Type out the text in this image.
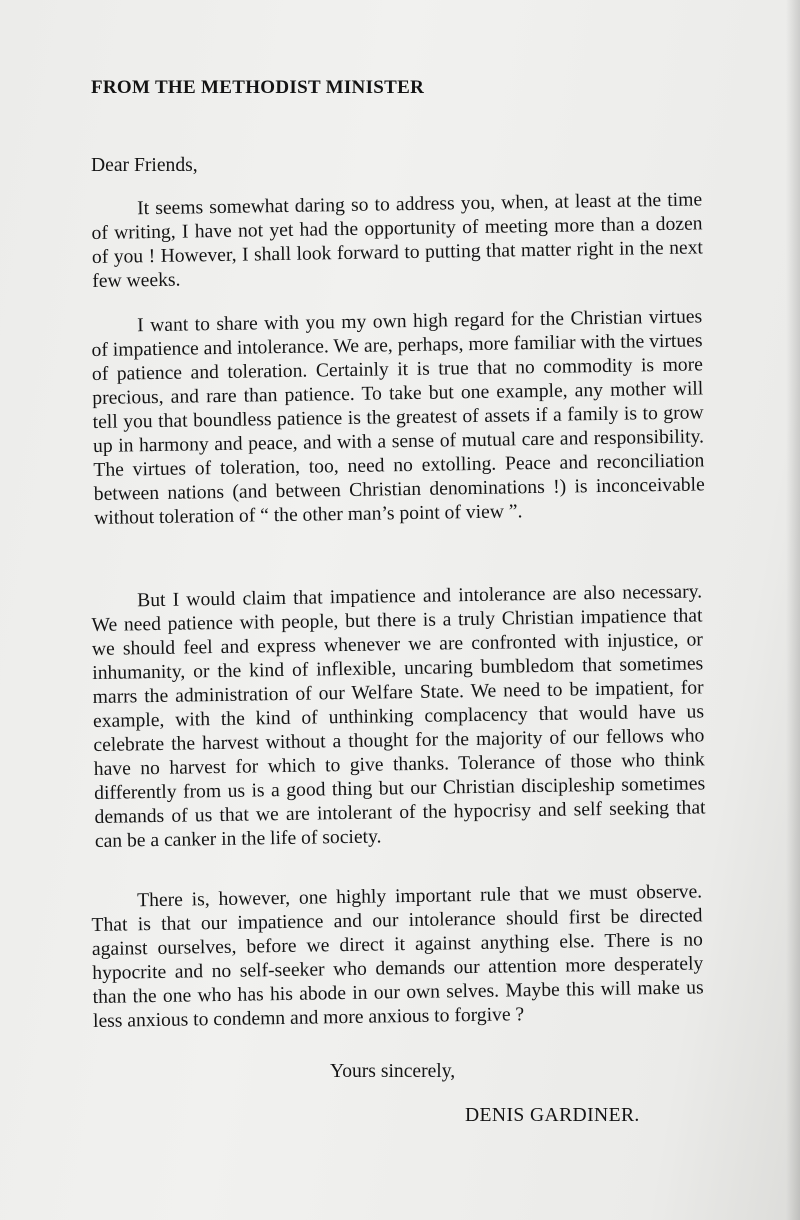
FROM THE METHODIST MINISTER

Dear Friends,

It seems somewhat daring so to address you, when, at least at the time of writing, I have not yet had the opportunity of meeting more than a dozen of you ! However, I shall look forward to putting that matter right in the next few weeks.

I want to share with you my own high regard for the Christian virtues of impatience and intolerance. We are, perhaps, more familiar with the virtues of patience and toleration. Certainly it is true that no commodity is more precious, and rare than patience. To take but one example, any mother will tell you that boundless patience is the greatest of assets if a family is to grow up in harmony and peace, and with a sense of mutual care and responsibility. The virtues of toleration, too, need no extolling. Peace and reconciliation between nations (and between Christian denominations !) is inconceivable without toleration of “ the other man’s point of view ”.

But I would claim that impatience and intolerance are also necessary. We need patience with people, but there is a truly Christian impatience that we should feel and express whenever we are confronted with injustice, or inhumanity, or the kind of inflexible, uncaring bumbledom that sometimes marrs the administration of our Welfare State. We need to be impatient, for example, with the kind of unthinking complacency that would have us celebrate the harvest without a thought for the majority of our fellows who have no harvest for which to give thanks. Tolerance of those who think differently from us is a good thing but our Christian discipleship sometimes demands of us that we are intolerant of the hypocrisy and self seeking that can be a canker in the life of society.

There is, however, one highly important rule that we must observe. That is that our impatience and our intolerance should first be directed against ourselves, before we direct it against anything else. There is no hypocrite and no self-seeker who demands our attention more desperately than the one who has his abode in our own selves. Maybe this will make us less anxious to condemn and more anxious to forgive ?

Yours sincerely,

DENIS GARDINER.
